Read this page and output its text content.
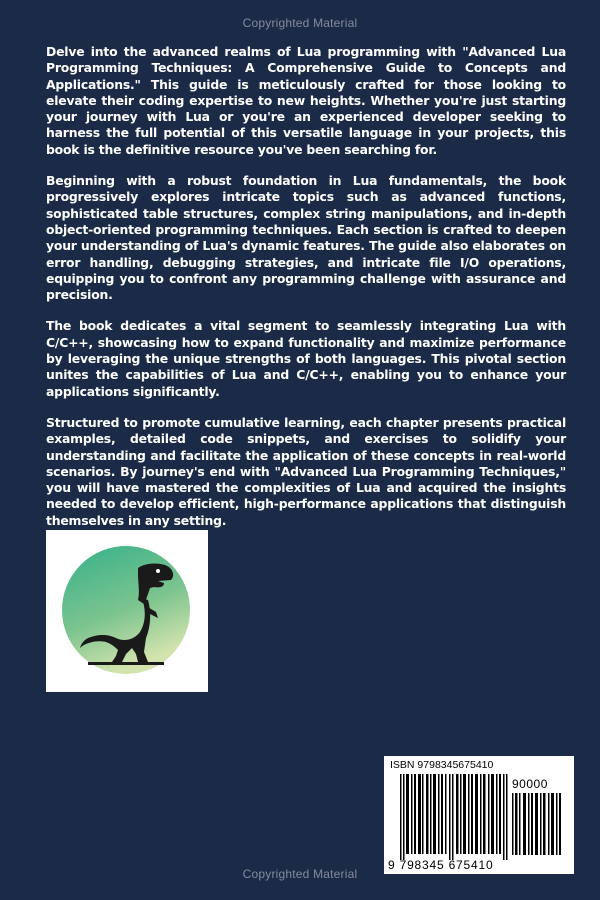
Copyrighted Material

Delve into the advanced realms of Lua programming with "Advanced Lua Programming Techniques: A Comprehensive Guide to Concepts and Applications." This guide is meticulously crafted for those looking to elevate their coding expertise to new heights. Whether you're just starting your journey with Lua or you're an experienced developer seeking to harness the full potential of this versatile language in your projects, this book is the definitive resource you've been searching for.

Beginning with a robust foundation in Lua fundamentals, the book progressively explores intricate topics such as advanced functions, sophisticated table structures, complex string manipulations, and in-depth object-oriented programming techniques. Each section is crafted to deepen your understanding of Lua's dynamic features. The guide also elaborates on error handling, debugging strategies, and intricate file I/O operations, equipping you to confront any programming challenge with assurance and precision.

The book dedicates a vital segment to seamlessly integrating Lua with C/C++, showcasing how to expand functionality and maximize performance by leveraging the unique strengths of both languages. This pivotal section unites the capabilities of Lua and C/C++, enabling you to enhance your applications significantly.

Structured to promote cumulative learning, each chapter presents practical examples, detailed code snippets, and exercises to solidify your understanding and facilitate the application of these concepts in real-world scenarios. By journey's end with "Advanced Lua Programming Techniques," you will have mastered the complexities of Lua and acquired the insights needed to develop efficient, high-performance applications that distinguish themselves in any setting.

ISBN 9798345675410
90000
9 798345 675410
Copyrighted Material
